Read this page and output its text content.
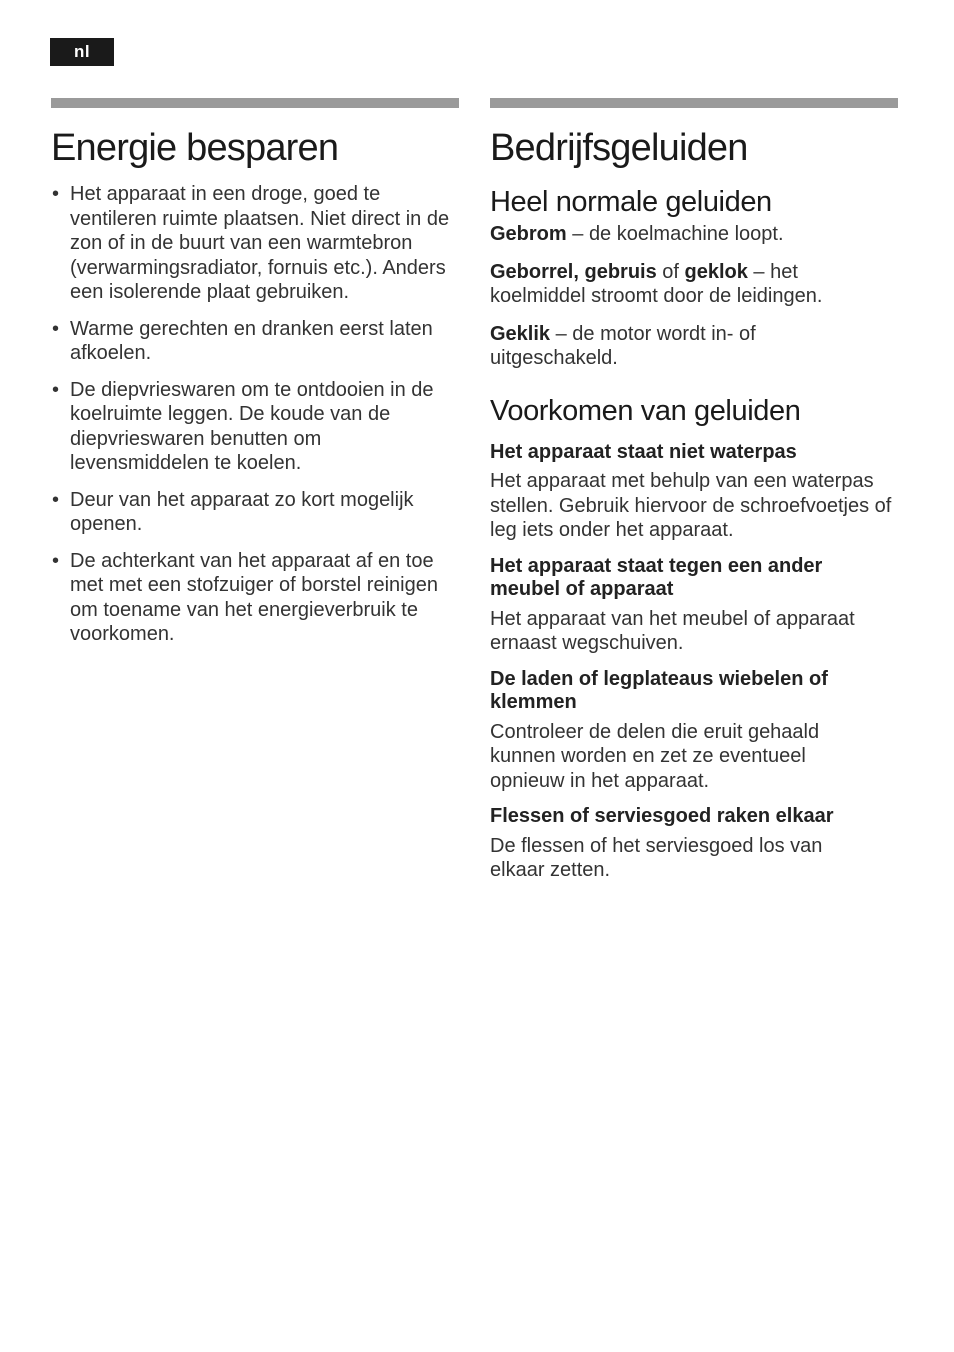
nl
Energie besparen
• Het apparaat in een droge, goed te ventileren ruimte plaatsen. Niet direct in de zon of in de buurt van een warmtebron (verwarmingsradiator, fornuis etc.). Anders een isolerende plaat gebruiken.
• Warme gerechten en dranken eerst laten afkoelen.
• De diepvrieswaren om te ontdooien in de koelruimte leggen. De koude van de diepvrieswaren benutten om levensmiddelen te koelen.
• Deur van het apparaat zo kort mogelijk openen.
• De achterkant van het apparaat af en toe met met een stofzuiger of borstel reinigen om toename van het energieverbruik te voorkomen.
Bedrijfsgeluiden
Heel normale geluiden

Gebrom – de koelmachine loopt.

Geborrel, gebruis of geklok – het koelmiddel stroomt door de leidingen.

Geklik – de motor wordt in- of uitgeschakeld.

Voorkomen van geluiden

Het apparaat staat niet waterpas

Het apparaat met behulp van een waterpas stellen. Gebruik hiervoor de schroefvoetjes of leg iets onder het apparaat.

Het apparaat staat tegen een ander meubel of apparaat

Het apparaat van het meubel of apparaat ernaast wegschuiven.

De laden of legplateaus wiebelen of klemmen

Controleer de delen die eruit gehaald kunnen worden en zet ze eventueel opnieuw in het apparaat.

Flessen of serviesgoed raken elkaar

De flessen of het serviesgoed los van elkaar zetten.
